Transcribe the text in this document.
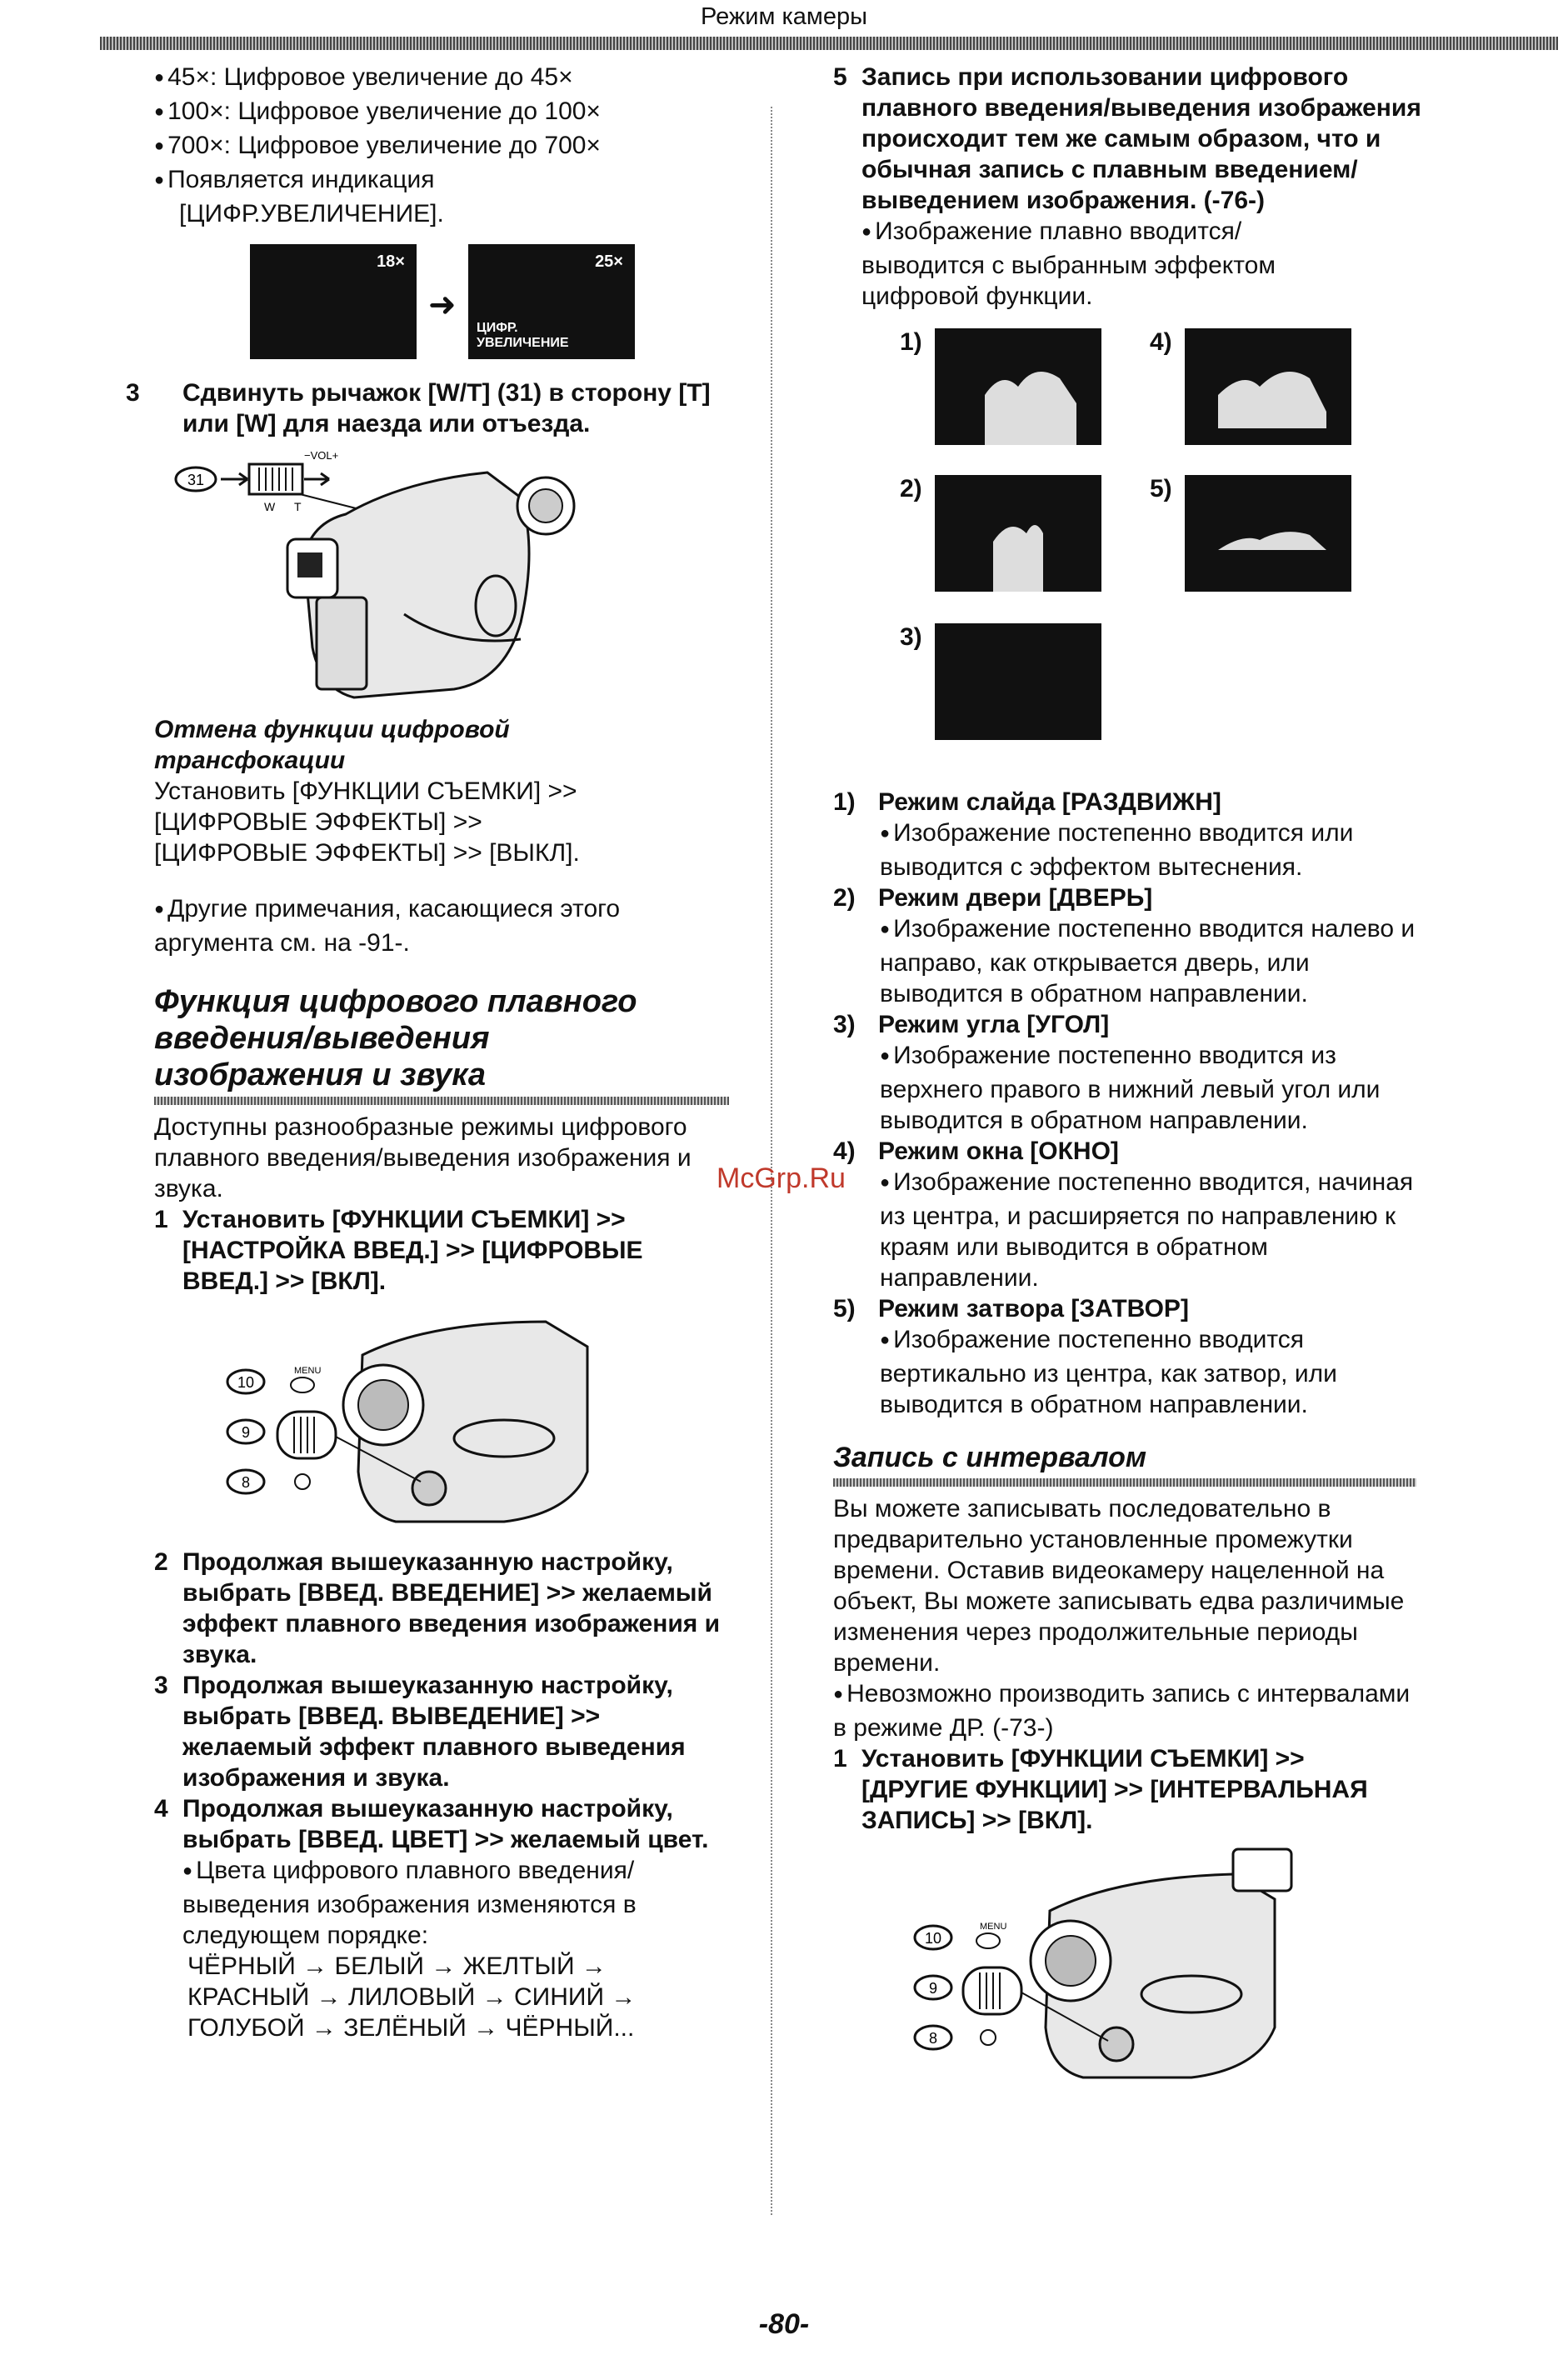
Режим камеры

● 45×: Цифровое увеличение до 45×

● 100×: Цифровое увеличение до 100×

● 700×: Цифровое увеличение до 700×

● Появляется индикация

[ЦИФР.УВЕЛИЧЕНИЕ].

18×
➜
25×
ЦИФР.
УВЕЛИЧЕНИЕ

3 Сдвинуть рычажок [W/T] (31) в сторону [T] или [W] для наезда или отъезда.

31
−VOL+
W T

Отмена функции цифровой трансфокации

Установить [ФУНКЦИИ СЪЕМКИ] >>

[ЦИФРОВЫЕ ЭФФЕКТЫ] >>

[ЦИФРОВЫЕ ЭФФЕКТЫ] >> [ВЫКЛ].

● Другие примечания, касающиеся этого аргумента см. на -91-.

Функция цифрового плавного введения/выведения изображения и звука

Доступны разнообразные режимы цифрового плавного введения/выведения изображения и звука.

1 Установить [ФУНКЦИИ СЪЕМКИ] >> [НАСТРОЙКА ВВЕД.] >> [ЦИФРОВЫЕ ВВЕД.] >> [ВКЛ].

10
9
8
MENU

2 Продолжая вышеуказанную настройку, выбрать [ВВЕД. ВВЕДЕНИЕ] >> желаемый эффект плавного введения изображения и звука.

3 Продолжая вышеуказанную настройку, выбрать [ВВЕД. ВЫВЕДЕНИЕ] >> желаемый эффект плавного выведения изображения и звука.

4 Продолжая вышеуказанную настройку, выбрать [ВВЕД. ЦВЕТ] >> желаемый цвет.

● Цвета цифрового плавного введения/выведения изображения изменяются в следующем порядке:

ЧЁРНЫЙ → БЕЛЫЙ → ЖЕЛТЫЙ →

КРАСНЫЙ → ЛИЛОВЫЙ → СИНИЙ →

ГОЛУБОЙ → ЗЕЛЁНЫЙ → ЧЁРНЫЙ...

5 Запись при использовании цифрового плавного введения/выведения изображения происходит тем же самым образом, что и обычная запись с плавным введением/выведением изображения. (-76-)

● Изображение плавно вводится/выводится с выбранным эффектом цифровой функции.

1)	4)
2)	5)
3)

1) Режим слайда [РАЗДВИЖН]

● Изображение постепенно вводится или выводится с эффектом вытеснения.

2) Режим двери [ДВЕРЬ]

● Изображение постепенно вводится налево и направо, как открывается дверь, или выводится в обратном направлении.

3) Режим угла [УГОЛ]

● Изображение постепенно вводится из верхнего правого в нижний левый угол или выводится в обратном направлении.

4) Режим окна [ОКНО]

● Изображение постепенно вводится, начиная из центра, и расширяется по направлению к краям или выводится в обратном направлении.

5) Режим затвора [ЗАТВОР]

● Изображение постепенно вводится вертикально из центра, как затвор, или выводится в обратном направлении.

Запись с интервалом

Вы можете записывать последовательно в предварительно установленные промежутки времени. Оставив видеокамеру нацеленной на объект, Вы можете записывать едва различимые изменения через продолжительные периоды времени.

● Невозможно производить запись с интервалами в режиме ДР. (-73-)

1 Установить [ФУНКЦИИ СЪЕМКИ] >> [ДРУГИЕ ФУНКЦИИ] >> [ИНТЕРВАЛЬНАЯ ЗАПИСЬ] >> [ВКЛ].

10
9
8
MENU
McGrp.Ru
-80-
